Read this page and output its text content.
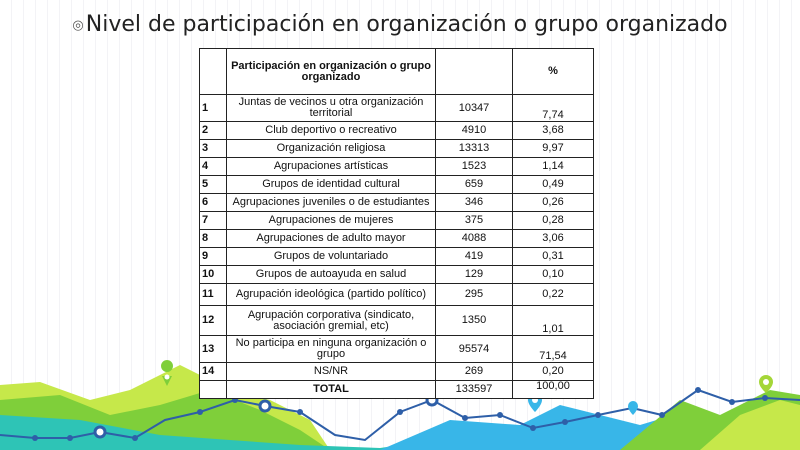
◎Nivel de participación en organización o grupo organizado
	Participación en organización o grupo organizado		%
1	Juntas de vecinos u otra organización territorial	10347	7,74
2	Club deportivo o recreativo	4910	3,68
3	Organización religiosa	13313	9,97
4	Agrupaciones artísticas	1523	1,14
5	Grupos de identidad cultural	659	0,49
6	Agrupaciones juveniles o de estudiantes	346	0,26
7	Agrupaciones de mujeres	375	0,28
8	Agrupaciones de adulto mayor	4088	3,06
9	Grupos de voluntariado	419	0,31
10	Grupos de autoayuda en salud	129	0,10
11	Agrupación ideológica (partido político)	295	0,22
12	Agrupación corporativa (sindicato, asociación gremial, etc)	1350	1,01
13	No participa en ninguna organización o grupo	95574	71,54
14	NS/NR	269	0,20
	TOTAL	133597	100,00
